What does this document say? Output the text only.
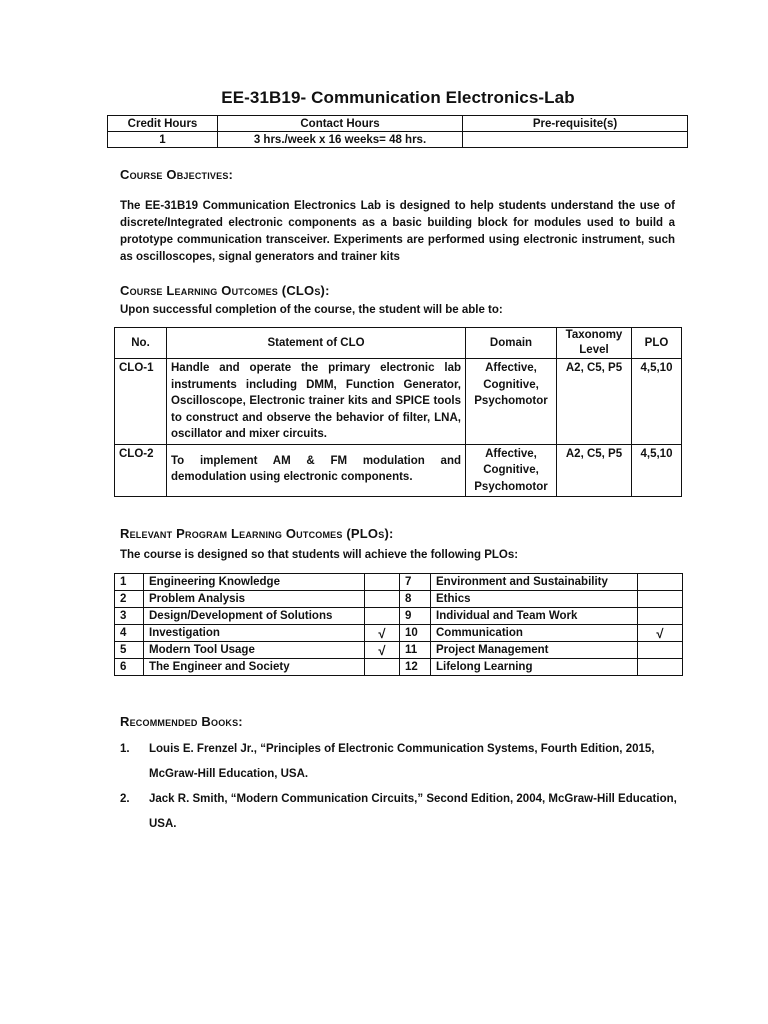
EE-31B19- Communication Electronics-Lab
Credit Hours	Contact Hours	Pre-requisite(s)
1	3 hrs./week x 16 weeks= 48 hrs.	
Course Objectives:
The EE-31B19 Communication Electronics Lab is designed to help students understand the use of discrete/Integrated electronic components as a basic building block for modules used to build a prototype communication transceiver. Experiments are performed using electronic instrument, such as oscilloscopes, signal generators and trainer kits
Course Learning Outcomes (CLOs):
Upon successful completion of the course, the student will be able to:
No.	Statement of CLO	Domain	Taxonomy Level	PLO
CLO-1	Handle and operate the primary electronic lab instruments including DMM, Function Generator, Oscilloscope, Electronic trainer kits and SPICE tools to construct and observe the behavior of filter, LNA, oscillator and mixer circuits.	Affective, Cognitive, Psychomotor	A2, C5, P5	4,5,10
CLO-2	To implement AM & FM modulation and demodulation using electronic components.	Affective, Cognitive, Psychomotor	A2, C5, P5	4,5,10
Relevant Program Learning Outcomes (PLOs):
The course is designed so that students will achieve the following PLOs:
1	Engineering Knowledge		7	Environment and Sustainability	
2	Problem Analysis		8	Ethics	
3	Design/Development of Solutions		9	Individual and Team Work	
4	Investigation	√	10	Communication	√
5	Modern Tool Usage	√	11	Project Management	
6	The Engineer and Society		12	Lifelong Learning	
Recommended Books:
1.	Louis E. Frenzel Jr., “Principles of Electronic Communication Systems, Fourth Edition, 2015, McGraw-Hill Education, USA.
2.	Jack R. Smith, “Modern Communication Circuits,” Second Edition, 2004, McGraw-Hill Education, USA.
